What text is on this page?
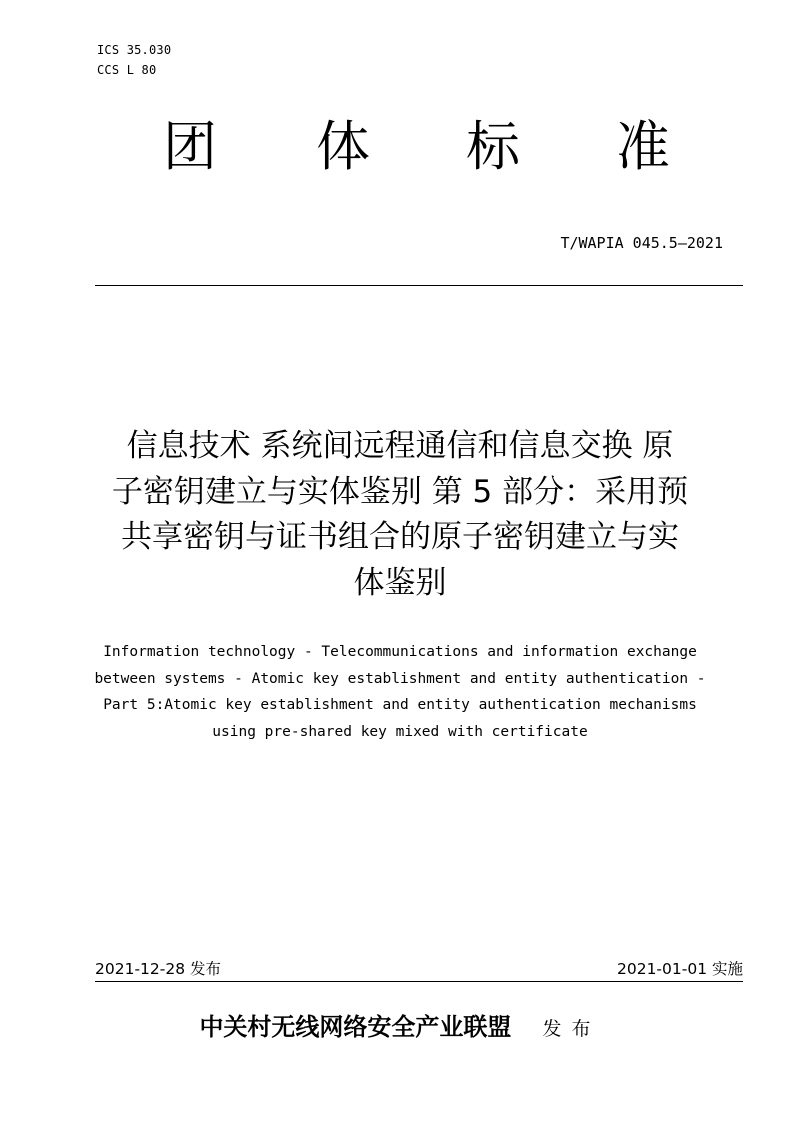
ICS 35.030
CCS L 80
团 体 标 准
T/WAPIA 045.5—2021
信息技术 系统间远程通信和信息交换 原
子密钥建立与实体鉴别 第 5 部分：采用预
共享密钥与证书组合的原子密钥建立与实
体鉴别
Information technology - Telecommunications and information exchange
between systems - Atomic key establishment and entity authentication -
Part 5:Atomic key establishment and entity authentication mechanisms
using pre-shared key mixed with certificate
2021-12-28 发布	2021-01-01 实施
中关村无线网络安全产业联盟 发布
